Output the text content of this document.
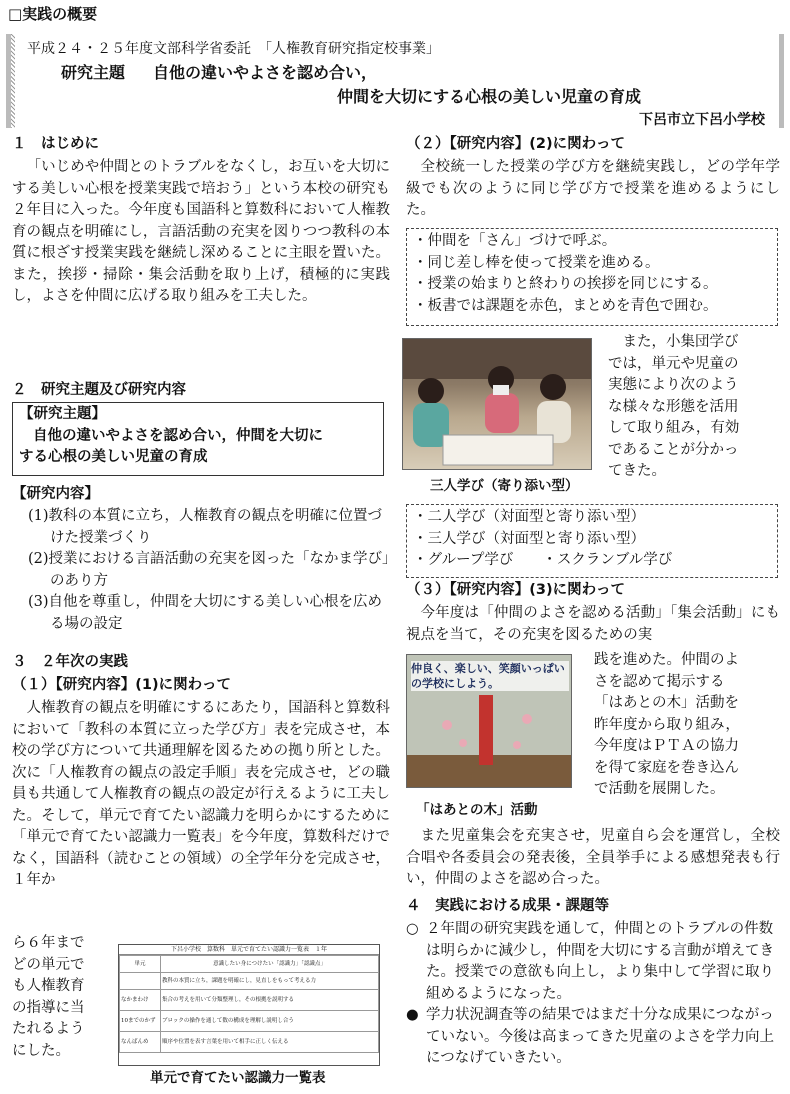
□実践の概要
平成２４・２５年度文部科学省委託　「人権教育研究指定校事業」
研究主題 自他の違いやよさを認め合い，
仲間を大切にする心根の美しい児童の育成
下呂市立下呂小学校
１　はじめに
「いじめや仲間とのトラブルをなくし，お互いを大切にする美しい心根を授業実践で培おう」という本校の研究も２年目に入った。今年度も国語科と算数科において人権教育の観点を明確にし，言語活動の充実を図りつつ教科の本質に根ざす授業実践を継続し深めることに主眼を置いた。また，挨拶・掃除・集会活動を取り上げ，積極的に実践し，よさを仲間に広げる取り組みを工夫した。
２　研究主題及び研究内容
【研究主題】
自他の違いやよさを認め合い，仲間を大切に
する心根の美しい児童の育成
【研究内容】
(1)教科の本質に立ち，人権教育の観点を明確に位置づけた授業づくり
(2)授業における言語活動の充実を図った「なかま学び」のあり方
(3)自他を尊重し，仲間を大切にする美しい心根を広める場の設定
３　２年次の実践
（１）【研究内容】(1)に関わって
人権教育の観点を明確にするにあたり，国語科と算数科において「教科の本質に立った学び方」表を完成させ，本校の学び方について共通理解を図るための拠り所とした。次に「人権教育の観点の設定手順」表を完成させ，どの職員も共通して人権教育の観点の設定が行えるように工夫した。そして，単元で育てたい認識力を明らかにするために「単元で育てたい認識力一覧表」を今年度，算数科だけでなく，国語科（読むことの領域）の全学年分を完成させ，１年か
ら６年まで
どの単元で
も人権教育
の指導に当
たれるよう
にした。
下呂小学校　算数科　単元で育てたい認識力一覧表　１年
単元	意識したい身につけたい「認識力」「認識点」
	教科の本質に立ち，課題を明確にし，見直しをもって考える力
なかまわけ	集合の考えを用いて分類整理し，その根拠を説明する
10までのかず	ブロックの操作を通して数の構成を理解し説明し合う
なんばんめ	順序や位置を表す言葉を用いて相手に正しく伝える
単元で育てたい認識力一覧表
（２）【研究内容】(2)に関わって
全校統一した授業の学び方を継続実践し，どの学年学級でも次のように同じ学び方で授業を進めるようにした。
・仲間を「さん」づけで呼ぶ。
・同じ差し棒を使って授業を進める。
・授業の始まりと終わりの挨拶を同じにする。
・板書では課題を赤色，まとめを青色で囲む。
三人学び（寄り添い型）
また，小集団学び
では，単元や児童の
実態により次のよう
な様々な形態を活用
して取り組み，有効
であることが分かっ
てきた。
・二人学び（対面型と寄り添い型）
・三人学び（対面型と寄り添い型）
・グループ学び　　・スクランブル学び
（３）【研究内容】(3)に関わって
今年度は「仲間のよさを認める活動」「集会活動」にも視点を当て，その充実を図るための実
仲良く、楽しい、笑顔いっぱいの学校にしよう。
「はあとの木」活動
践を進めた。仲間のよ
さを認めて掲示する
「はあとの木」活動を
昨年度から取り組み，
今年度はＰＴＡの協力
を得て家庭を巻き込ん
で活動を展開した。
また児童集会を充実させ，児童自ら会を運営し，全校合唱や各委員会の発表後，全員挙手による感想発表も行い，仲間のよさを認め合った。
４　実践における成果・課題等
○ ２年間の研究実践を通して，仲間とのトラブルの件数は明らかに減少し，仲間を大切にする言動が増えてきた。授業での意欲も向上し，より集中して学習に取り組めるようになった。
● 学力状況調査等の結果ではまだ十分な成果につながっていない。今後は高まってきた児童のよさを学力向上につなげていきたい。
